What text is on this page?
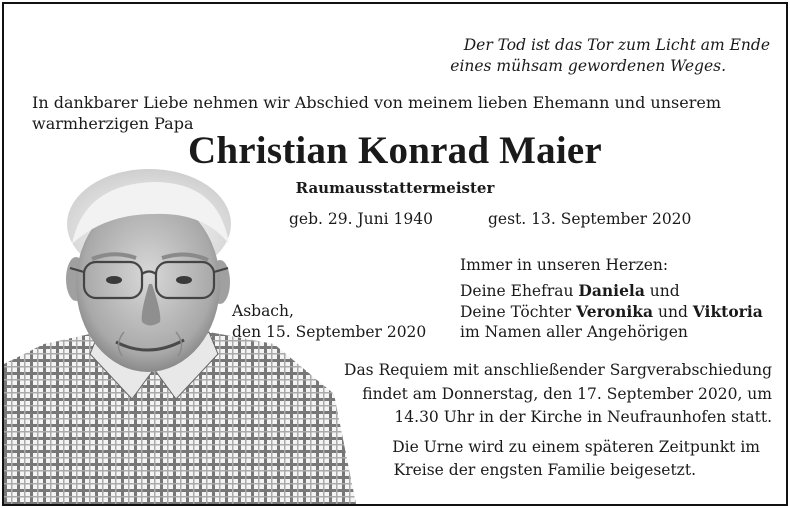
Der Tod ist das Tor zum Licht am Ende
eines mühsam gewordenen Weges.
In dankbarer Liebe nehmen wir Abschied von meinem lieben Ehemann und unserem
warmherzigen Papa
Christian Konrad Maier
Raumausstattermeister
geb. 29. Juni 1940	gest. 13. September 2020
Immer in unseren Herzen:
Deine Ehefrau Daniela und
Deine Töchter Veronika und Viktoria
im Namen aller Angehörigen
Asbach,
den 15. September 2020
Das Requiem mit anschließender Sargverabschiedung
findet am Donnerstag, den 17. September 2020, um
14.30 Uhr in der Kirche in Neufraunhofen statt.
Die Urne wird zu einem späteren Zeitpunkt im
Kreise der engsten Familie beigesetzt.
